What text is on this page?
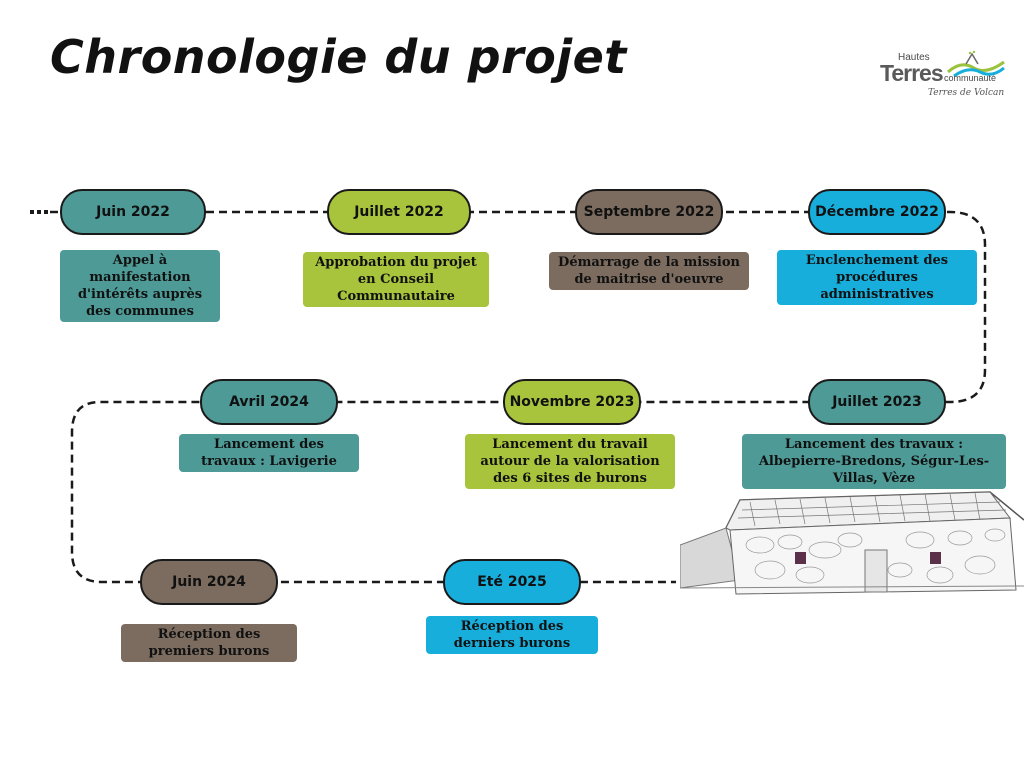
Chronologie du projet	Hautes
Terres communauté
Terres de Volcan
Juin 2022
Appel à manifestation d'intérêts auprès des communes
Juillet 2022
Approbation du projet en Conseil Communautaire
Septembre 2022
Démarrage de la mission de maitrise d'oeuvre
Décembre 2022
Enclenchement des procédures administratives
Juillet 2023
Lancement des travaux : Albepierre-Bredons, Ségur-Les-Villas, Vèze
Novembre 2023
Lancement du travail autour de la valorisation des 6 sites de burons
Avril 2024
Lancement des travaux : Lavigerie
Juin 2024
Réception des premiers burons
Eté 2025
Réception des derniers burons
